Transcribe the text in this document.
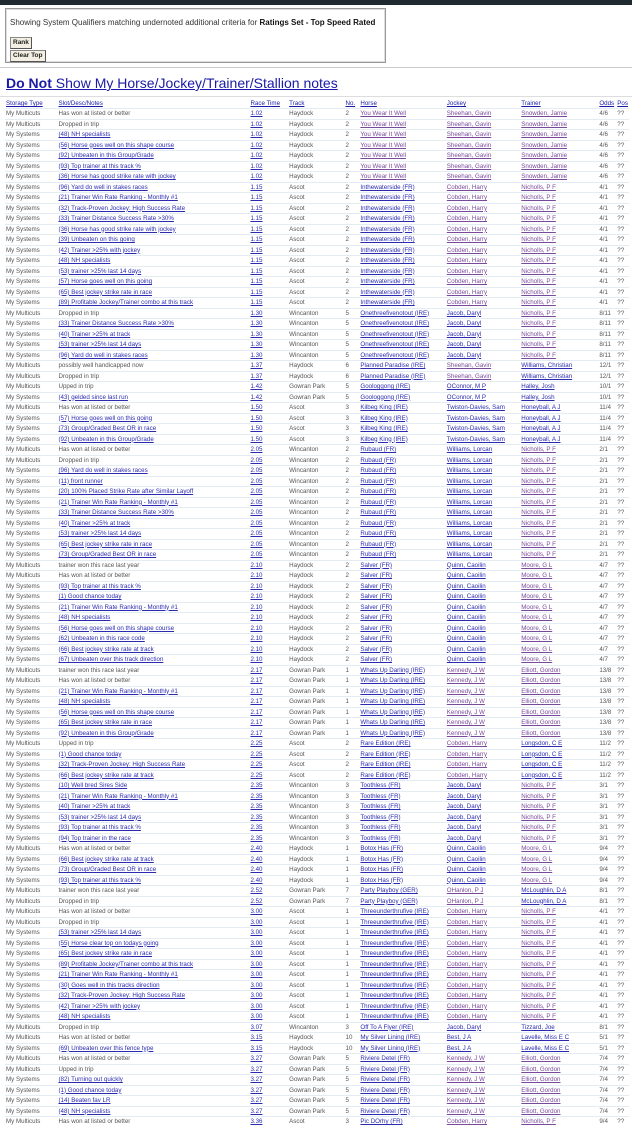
Showing System Qualifiers matching undernoted additional criteria for Ratings Set - Top Speed Rated
Rank
Clear Top
Do Not Show My Horse/Jockey/Trainer/Stallion notes
Storage Type	Slot/Desc/Notes	Race Time	Track	No.	Horse	Jockey	Trainer	Odds	Pos
My Multicuts	Has won at listed or better	1.02	Haydock	2	You Wear It Well	Sheehan, Gavin	Snowden, Jamie	4/6	??
My Multicuts	Dropped in trip	1.02	Haydock	2	You Wear It Well	Sheehan, Gavin	Snowden, Jamie	4/6	??
My Systems	(48) NH specialists	1.02	Haydock	2	You Wear It Well	Sheehan, Gavin	Snowden, Jamie	4/6	??
My Systems	(56) Horse goes well on this shape course	1.02	Haydock	2	You Wear It Well	Sheehan, Gavin	Snowden, Jamie	4/6	??
My Systems	(92) Unbeaten in this Group/Grade	1.02	Haydock	2	You Wear It Well	Sheehan, Gavin	Snowden, Jamie	4/6	??
My Systems	(93) Top trainer at this track %	1.02	Haydock	2	You Wear It Well	Sheehan, Gavin	Snowden, Jamie	4/6	??
My Systems	(36) Horse has good strike rate with jockey	1.02	Haydock	2	You Wear It Well	Sheehan, Gavin	Snowden, Jamie	4/6	??
My Systems	(96) Yard do well in stakes races	1.15	Ascot	2	Inthewaterside (FR)	Cobden, Harry	Nicholls, P F	4/1	??
My Systems	(21) Trainer Win Rate Ranking - Monthly #1	1.15	Ascot	2	Inthewaterside (FR)	Cobden, Harry	Nicholls, P F	4/1	??
My Systems	(32) Track-Proven Jockey: High Success Rate	1.15	Ascot	2	Inthewaterside (FR)	Cobden, Harry	Nicholls, P F	4/1	??
My Systems	(33) Trainer Distance Success Rate >30%	1.15	Ascot	2	Inthewaterside (FR)	Cobden, Harry	Nicholls, P F	4/1	??
My Systems	(36) Horse has good strike rate with jockey	1.15	Ascot	2	Inthewaterside (FR)	Cobden, Harry	Nicholls, P F	4/1	??
My Systems	(39) Unbeaten on this going	1.15	Ascot	2	Inthewaterside (FR)	Cobden, Harry	Nicholls, P F	4/1	??
My Systems	(42) Trainer >25% with jockey	1.15	Ascot	2	Inthewaterside (FR)	Cobden, Harry	Nicholls, P F	4/1	??
My Systems	(48) NH specialists	1.15	Ascot	2	Inthewaterside (FR)	Cobden, Harry	Nicholls, P F	4/1	??
My Systems	(53) trainer >25% last 14 days	1.15	Ascot	2	Inthewaterside (FR)	Cobden, Harry	Nicholls, P F	4/1	??
My Systems	(57) Horse goes well on this going	1.15	Ascot	2	Inthewaterside (FR)	Cobden, Harry	Nicholls, P F	4/1	??
My Systems	(65) Best jockey strike rate in race	1.15	Ascot	2	Inthewaterside (FR)	Cobden, Harry	Nicholls, P F	4/1	??
My Systems	(89) Profitable Jockey/Trainer combo at this track	1.15	Ascot	2	Inthewaterside (FR)	Cobden, Harry	Nicholls, P F	4/1	??
My Multicuts	Dropped in trip	1.30	Wincanton	5	Onethreefivenotout (IRE)	Jacob, Daryl	Nicholls, P F	8/11	??
My Systems	(33) Trainer Distance Success Rate >30%	1.30	Wincanton	5	Onethreefivenotout (IRE)	Jacob, Daryl	Nicholls, P F	8/11	??
My Systems	(40) Trainer >25% at track	1.30	Wincanton	5	Onethreefivenotout (IRE)	Jacob, Daryl	Nicholls, P F	8/11	??
My Systems	(53) trainer >25% last 14 days	1.30	Wincanton	5	Onethreefivenotout (IRE)	Jacob, Daryl	Nicholls, P F	8/11	??
My Systems	(96) Yard do well in stakes races	1.30	Wincanton	5	Onethreefivenotout (IRE)	Jacob, Daryl	Nicholls, P F	8/11	??
My Multicuts	possibly well handicapped now	1.37	Haydock	6	Planned Paradise (IRE)	Sheehan, Gavin	Williams, Christian	12/1	??
My Multicuts	Dropped in trip	1.37	Haydock	6	Planned Paradise (IRE)	Sheehan, Gavin	Williams, Christian	12/1	??
My Multicuts	Upped in trip	1.42	Gowran Park	5	Goologgong (IRE)	OConnor, M P	Halley, Josh	10/1	??
My Systems	(43) gelded since last run	1.42	Gowran Park	5	Goologgong (IRE)	OConnor, M P	Halley, Josh	10/1	??
My Multicuts	Has won at listed or better	1.50	Ascot	3	Kilbeg King (IRE)	Twiston-Davies, Sam	Honeyball, A J	11/4	??
My Systems	(57) Horse goes well on this going	1.50	Ascot	3	Kilbeg King (IRE)	Twiston-Davies, Sam	Honeyball, A J	11/4	??
My Systems	(73) Group/Graded Best OR in race	1.50	Ascot	3	Kilbeg King (IRE)	Twiston-Davies, Sam	Honeyball, A J	11/4	??
My Systems	(92) Unbeaten in this Group/Grade	1.50	Ascot	3	Kilbeg King (IRE)	Twiston-Davies, Sam	Honeyball, A J	11/4	??
My Multicuts	Has won at listed or better	2.05	Wincanton	2	Rubaud (FR)	Williams, Lorcan	Nicholls, P F	2/1	??
My Multicuts	Dropped in trip	2.05	Wincanton	2	Rubaud (FR)	Williams, Lorcan	Nicholls, P F	2/1	??
My Systems	(96) Yard do well in stakes races	2.05	Wincanton	2	Rubaud (FR)	Williams, Lorcan	Nicholls, P F	2/1	??
My Systems	(11) front runner	2.05	Wincanton	2	Rubaud (FR)	Williams, Lorcan	Nicholls, P F	2/1	??
My Systems	(20) 100% Placed Strike Rate after Similar Layoff	2.05	Wincanton	2	Rubaud (FR)	Williams, Lorcan	Nicholls, P F	2/1	??
My Systems	(21) Trainer Win Rate Ranking - Monthly #1	2.05	Wincanton	2	Rubaud (FR)	Williams, Lorcan	Nicholls, P F	2/1	??
My Systems	(33) Trainer Distance Success Rate >30%	2.05	Wincanton	2	Rubaud (FR)	Williams, Lorcan	Nicholls, P F	2/1	??
My Systems	(40) Trainer >25% at track	2.05	Wincanton	2	Rubaud (FR)	Williams, Lorcan	Nicholls, P F	2/1	??
My Systems	(53) trainer >25% last 14 days	2.05	Wincanton	2	Rubaud (FR)	Williams, Lorcan	Nicholls, P F	2/1	??
My Systems	(65) Best jockey strike rate in race	2.05	Wincanton	2	Rubaud (FR)	Williams, Lorcan	Nicholls, P F	2/1	??
My Systems	(73) Group/Graded Best OR in race	2.05	Wincanton	2	Rubaud (FR)	Williams, Lorcan	Nicholls, P F	2/1	??
My Multicuts	trainer won this race last year	2.10	Haydock	2	Salver (FR)	Quinn, Caoilin	Moore, G L	4/7	??
My Multicuts	Has won at listed or better	2.10	Haydock	2	Salver (FR)	Quinn, Caoilin	Moore, G L	4/7	??
My Systems	(93) Top trainer at this track %	2.10	Haydock	2	Salver (FR)	Quinn, Caoilin	Moore, G L	4/7	??
My Systems	(1) Good chance today	2.10	Haydock	2	Salver (FR)	Quinn, Caoilin	Moore, G L	4/7	??
My Systems	(21) Trainer Win Rate Ranking - Monthly #1	2.10	Haydock	2	Salver (FR)	Quinn, Caoilin	Moore, G L	4/7	??
My Systems	(48) NH specialists	2.10	Haydock	2	Salver (FR)	Quinn, Caoilin	Moore, G L	4/7	??
My Systems	(56) Horse goes well on this shape course	2.10	Haydock	2	Salver (FR)	Quinn, Caoilin	Moore, G L	4/7	??
My Systems	(62) Unbeaten in this race code	2.10	Haydock	2	Salver (FR)	Quinn, Caoilin	Moore, G L	4/7	??
My Systems	(66) Best jockey strike rate at track	2.10	Haydock	2	Salver (FR)	Quinn, Caoilin	Moore, G L	4/7	??
My Systems	(67) Unbeaten over this track direction	2.10	Haydock	2	Salver (FR)	Quinn, Caoilin	Moore, G L	4/7	??
My Multicuts	trainer won this race last year	2.17	Gowran Park	1	Whats Up Darling (IRE)	Kennedy, J W	Elliott, Gordon	13/8	??
My Multicuts	Has won at listed or better	2.17	Gowran Park	1	Whats Up Darling (IRE)	Kennedy, J W	Elliott, Gordon	13/8	??
My Systems	(21) Trainer Win Rate Ranking - Monthly #1	2.17	Gowran Park	1	Whats Up Darling (IRE)	Kennedy, J W	Elliott, Gordon	13/8	??
My Systems	(48) NH specialists	2.17	Gowran Park	1	Whats Up Darling (IRE)	Kennedy, J W	Elliott, Gordon	13/8	??
My Systems	(56) Horse goes well on this shape course	2.17	Gowran Park	1	Whats Up Darling (IRE)	Kennedy, J W	Elliott, Gordon	13/8	??
My Systems	(65) Best jockey strike rate in race	2.17	Gowran Park	1	Whats Up Darling (IRE)	Kennedy, J W	Elliott, Gordon	13/8	??
My Systems	(92) Unbeaten in this Group/Grade	2.17	Gowran Park	1	Whats Up Darling (IRE)	Kennedy, J W	Elliott, Gordon	13/8	??
My Multicuts	Upped in trip	2.25	Ascot	2	Rare Edition (IRE)	Cobden, Harry	Longsdon, C E	11/2	??
My Systems	(1) Good chance today	2.25	Ascot	2	Rare Edition (IRE)	Cobden, Harry	Longsdon, C E	11/2	??
My Systems	(32) Track-Proven Jockey: High Success Rate	2.25	Ascot	2	Rare Edition (IRE)	Cobden, Harry	Longsdon, C E	11/2	??
My Systems	(66) Best jockey strike rate at track	2.25	Ascot	2	Rare Edition (IRE)	Cobden, Harry	Longsdon, C E	11/2	??
My Systems	(10) Well bred Sires Side	2.35	Wincanton	3	Toothless (FR)	Jacob, Daryl	Nicholls, P F	3/1	??
My Systems	(21) Trainer Win Rate Ranking - Monthly #1	2.35	Wincanton	3	Toothless (FR)	Jacob, Daryl	Nicholls, P F	3/1	??
My Systems	(40) Trainer >25% at track	2.35	Wincanton	3	Toothless (FR)	Jacob, Daryl	Nicholls, P F	3/1	??
My Systems	(53) trainer >25% last 14 days	2.35	Wincanton	3	Toothless (FR)	Jacob, Daryl	Nicholls, P F	3/1	??
My Systems	(93) Top trainer at this track %	2.35	Wincanton	3	Toothless (FR)	Jacob, Daryl	Nicholls, P F	3/1	??
My Systems	(94) Top trainer in the race	2.35	Wincanton	3	Toothless (FR)	Jacob, Daryl	Nicholls, P F	3/1	??
My Multicuts	Has won at listed or better	2.40	Haydock	1	Botox Has (FR)	Quinn, Caoilin	Moore, G L	9/4	??
My Systems	(66) Best jockey strike rate at track	2.40	Haydock	1	Botox Has (FR)	Quinn, Caoilin	Moore, G L	9/4	??
My Systems	(73) Group/Graded Best OR in race	2.40	Haydock	1	Botox Has (FR)	Quinn, Caoilin	Moore, G L	9/4	??
My Systems	(93) Top trainer at this track %	2.40	Haydock	1	Botox Has (FR)	Quinn, Caoilin	Moore, G L	9/4	??
My Multicuts	trainer won this race last year	2.52	Gowran Park	7	Party Playboy (GER)	OHanlon, P J	McLoughlin, D A	8/1	??
My Multicuts	Dropped in trip	2.52	Gowran Park	7	Party Playboy (GER)	OHanlon, P J	McLoughlin, D A	8/1	??
My Multicuts	Has won at listed or better	3.00	Ascot	1	Threeunderthrufive (IRE)	Cobden, Harry	Nicholls, P F	4/1	??
My Multicuts	Dropped in trip	3.00	Ascot	1	Threeunderthrufive (IRE)	Cobden, Harry	Nicholls, P F	4/1	??
My Systems	(53) trainer >25% last 14 days	3.00	Ascot	1	Threeunderthrufive (IRE)	Cobden, Harry	Nicholls, P F	4/1	??
My Systems	(55) Horse clear top on todays going	3.00	Ascot	1	Threeunderthrufive (IRE)	Cobden, Harry	Nicholls, P F	4/1	??
My Systems	(65) Best jockey strike rate in race	3.00	Ascot	1	Threeunderthrufive (IRE)	Cobden, Harry	Nicholls, P F	4/1	??
My Systems	(89) Profitable Jockey/Trainer combo at this track	3.00	Ascot	1	Threeunderthrufive (IRE)	Cobden, Harry	Nicholls, P F	4/1	??
My Systems	(21) Trainer Win Rate Ranking - Monthly #1	3.00	Ascot	1	Threeunderthrufive (IRE)	Cobden, Harry	Nicholls, P F	4/1	??
My Systems	(30) Goes well in this tracks direction	3.00	Ascot	1	Threeunderthrufive (IRE)	Cobden, Harry	Nicholls, P F	4/1	??
My Systems	(32) Track-Proven Jockey: High Success Rate	3.00	Ascot	1	Threeunderthrufive (IRE)	Cobden, Harry	Nicholls, P F	4/1	??
My Systems	(42) Trainer >25% with jockey	3.00	Ascot	1	Threeunderthrufive (IRE)	Cobden, Harry	Nicholls, P F	4/1	??
My Systems	(48) NH specialists	3.00	Ascot	1	Threeunderthrufive (IRE)	Cobden, Harry	Nicholls, P F	4/1	??
My Multicuts	Dropped in trip	3.07	Wincanton	3	Off To A Flyer (IRE)	Jacob, Daryl	Tizzard, Joe	8/1	??
My Multicuts	Has won at listed or better	3.15	Haydock	10	My Silver Lining (IRE)	Best, J A	Lavelle, Miss E C	5/1	??
My Systems	(69) Unbeaten over this fence type	3.15	Haydock	10	My Silver Lining (IRE)	Best, J A	Lavelle, Miss E C	5/1	??
My Multicuts	Has won at listed or better	3.27	Gowran Park	5	Riviere Detel (FR)	Kennedy, J W	Elliott, Gordon	7/4	??
My Multicuts	Upped in trip	3.27	Gowran Park	5	Riviere Detel (FR)	Kennedy, J W	Elliott, Gordon	7/4	??
My Systems	(82) Turning out quickly	3.27	Gowran Park	5	Riviere Detel (FR)	Kennedy, J W	Elliott, Gordon	7/4	??
My Systems	(1) Good chance today	3.27	Gowran Park	5	Riviere Detel (FR)	Kennedy, J W	Elliott, Gordon	7/4	??
My Systems	(14) Beaten fav LR	3.27	Gowran Park	5	Riviere Detel (FR)	Kennedy, J W	Elliott, Gordon	7/4	??
My Systems	(48) NH specialists	3.27	Gowran Park	5	Riviere Detel (FR)	Kennedy, J W	Elliott, Gordon	7/4	??
My Multicuts	Has won at listed or better	3.36	Ascot	3	Pic DOrhy (FR)	Cobden, Harry	Nicholls, P F	9/4	??
